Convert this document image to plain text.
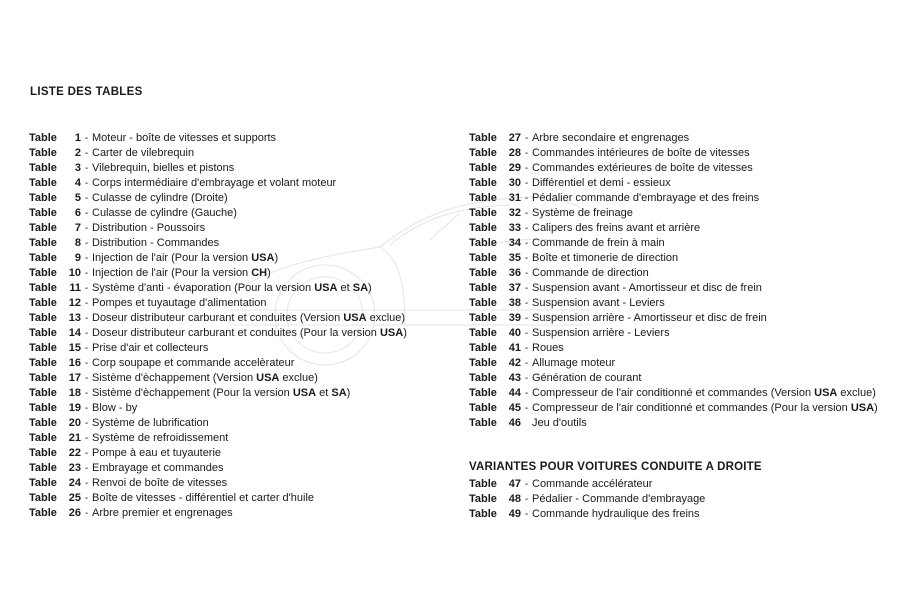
LISTE DES TABLES
Table 1 - Moteur - boîte de vitesses et supports
Table 2 - Carter de vilebrequin
Table 3 - Vilebrequin, bielles et pistons
Table 4 - Corps intermédiaire d'embrayage et volant moteur
Table 5 - Culasse de cylindre (Droite)
Table 6 - Culasse de cylindre (Gauche)
Table 7 - Distribution - Poussoirs
Table 8 - Distribution - Commandes
Table 9 - Injection de l'air (Pour la version USA)
Table 10 - Injection de l'air (Pour la version CH)
Table 11 - Système d'anti - évaporation (Pour la version USA et SA)
Table 12 - Pompes et tuyautage d'alimentation
Table 13 - Doseur distributeur carburant et conduites (Version USA exclue)
Table 14 - Doseur distributeur carburant et conduites (Pour la version USA)
Table 15 - Prise d'air et collecteurs
Table 16 - Corp soupape et commande accelèrateur
Table 17 - Sistème d'èchappement (Version USA exclue)
Table 18 - Sistème d'èchappement (Pour la version USA et SA)
Table 19 - Blow - by
Table 20 - Système de lubrification
Table 21 - Système de refroidissement
Table 22 - Pompe à eau et tuyauterie
Table 23 - Embrayage et commandes
Table 24 - Renvoi de boîte de vitesses
Table 25 - Boîte de vitesses - différentiel et carter d'huile
Table 26 - Arbre premier et engrenages
Table 27 - Arbre secondaire et engrenages
Table 28 - Commandes intérieures de boîte de vitesses
Table 29 - Commandes extérieures de boîte de vitesses
Table 30 - Différentiel et demi - essieux
Table 31 - Pédalier commande d'embrayage et des freins
Table 32 - Système de freinage
Table 33 - Calipers des freins avant et arrière
Table 34 - Commande de frein à main
Table 35 - Boîte et timonerie de direction
Table 36 - Commande de direction
Table 37 - Suspension avant - Amortisseur et disc de frein
Table 38 - Suspension avant - Leviers
Table 39 - Suspension arrière - Amortisseur et disc de frein
Table 40 - Suspension arrière - Leviers
Table 41 - Roues
Table 42 - Allumage moteur
Table 43 - Génération de courant
Table 44 - Compresseur de l'air conditionné et commandes (Version USA exclue)
Table 45 - Compresseur de l'air conditionné et commandes (Pour la version USA)
Table 46 Jeu d'outils
VARIANTES POUR VOITURES CONDUITE A DROITE
Table 47 - Commande accélérateur
Table 48 - Pédalier - Commande d'embrayage
Table 49 - Commande hydraulique des freins
